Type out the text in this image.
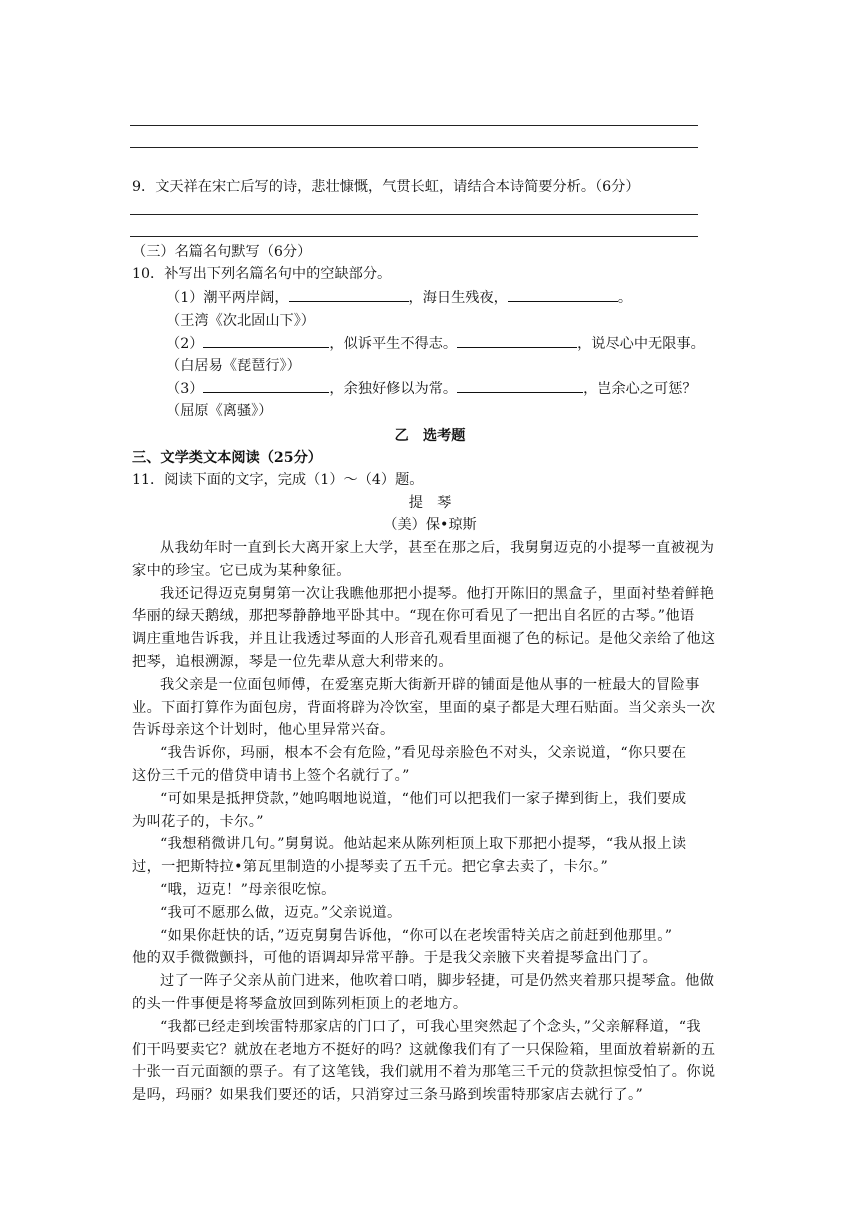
9．文天祥在宋亡后写的诗，悲壮慷慨，气贯长虹，请结合本诗简要分析。（6分）
（三）名篇名句默写（6分）
10．补写出下列名篇名句中的空缺部分。
（1）潮平两岸阔，	，海日生残夜，	。
（王湾《次北固山下》）
（2）	，似诉平生不得志。	，说尽心中无限事。
（白居易《琵琶行》）
（3）	，余独好修以为常。	，岂余心之可惩？
（屈原《离骚》）
乙　选考题
三、文学类文本阅读（25分）
11．阅读下面的文字，完成（1）～（4）题。
提　琴
（美）保•琼斯
从我幼年时一直到长大离开家上大学，甚至在那之后，我舅舅迈克的小提琴一直被视为
家中的珍宝。它已成为某种象征。
我还记得迈克舅舅第一次让我瞧他那把小提琴。他打开陈旧的黑盒子，里面衬垫着鲜艳
华丽的绿天鹅绒，那把琴静静地平卧其中。“现在你可看见了一把出自名匠的古琴。”他语
调庄重地告诉我，并且让我透过琴面的人形音孔观看里面褪了色的标记。是他父亲给了他这
把琴，追根溯源，琴是一位先辈从意大利带来的。
我父亲是一位面包师傅，在爱塞克斯大街新开辟的铺面是他从事的一桩最大的冒险事
业。下面打算作为面包房，背面将辟为冷饮室，里面的桌子都是大理石贴面。当父亲头一次
告诉母亲这个计划时，他心里异常兴奋。
“我告诉你，玛丽，根本不会有危险，”看见母亲脸色不对头，父亲说道，“你只要在
这份三千元的借贷申请书上签个名就行了。”
“可如果是抵押贷款，”她呜咽地说道，“他们可以把我们一家子撵到街上，我们要成
为叫花子的，卡尔。”
“我想稍微讲几句。”舅舅说。他站起来从陈列柜顶上取下那把小提琴，“我从报上读
过，一把斯特拉•第瓦里制造的小提琴卖了五千元。把它拿去卖了，卡尔。”
“哦，迈克！”母亲很吃惊。
“我可不愿那么做，迈克。”父亲说道。
“如果你赶快的话，”迈克舅舅告诉他，“你可以在老埃雷特关店之前赶到他那里。”
他的双手微微颤抖，可他的语调却异常平静。于是我父亲腋下夹着提琴盒出门了。
过了一阵子父亲从前门进来，他吹着口哨，脚步轻捷，可是仍然夹着那只提琴盒。他做
的头一件事便是将琴盒放回到陈列柜顶上的老地方。
“我都已经走到埃雷特那家店的门口了，可我心里突然起了个念头，”父亲解释道，“我
们干吗要卖它？就放在老地方不挺好的吗？这就像我们有了一只保险箱，里面放着崭新的五
十张一百元面额的票子。有了这笔钱，我们就用不着为那笔三千元的贷款担惊受怕了。你说
是吗，玛丽？如果我们要还的话，只消穿过三条马路到埃雷特那家店去就行了。”
